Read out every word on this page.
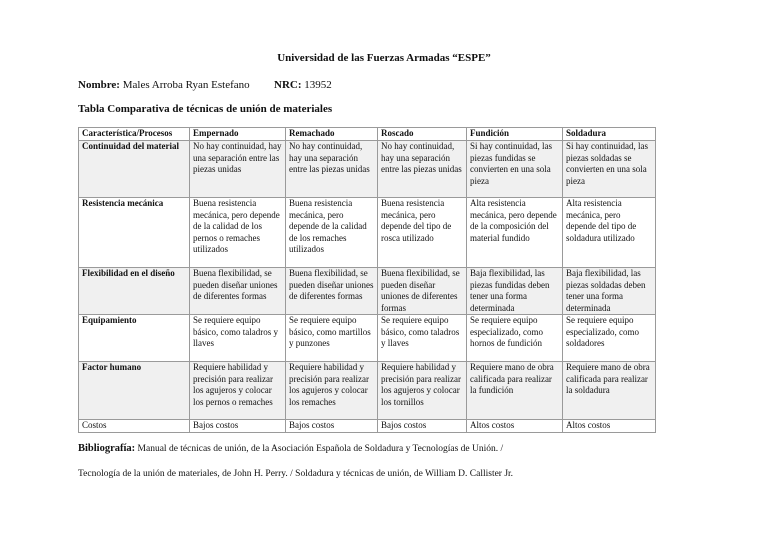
Universidad de las Fuerzas Armadas “ESPE”
Nombre: Males Arroba Ryan Estefano NRC: 13952
Tabla Comparativa de técnicas de unión de materiales
Característica/Procesos	Empernado	Remachado	Roscado	Fundición	Soldadura
Continuidad del material	No hay continuidad, hay una separación entre las piezas unidas	No hay continuidad, hay una separación entre las piezas unidas	No hay continuidad, hay una separación entre las piezas unidas	Si hay continuidad, las piezas fundidas se convierten en una sola pieza	Si hay continuidad, las piezas soldadas se convierten en una sola pieza
Resistencia mecánica	Buena resistencia mecánica, pero depende de la calidad de los pernos o remaches utilizados	Buena resistencia mecánica, pero depende de la calidad de los remaches utilizados	Buena resistencia mecánica, pero depende del tipo de rosca utilizado	Alta resistencia mecánica, pero depende de la composición del material fundido	Alta resistencia mecánica, pero depende del tipo de soldadura utilizado
Flexibilidad en el diseño	Buena flexibilidad, se pueden diseñar uniones de diferentes formas	Buena flexibilidad, se pueden diseñar uniones de diferentes formas	Buena flexibilidad, se pueden diseñar uniones de diferentes formas	Baja flexibilidad, las piezas fundidas deben tener una forma determinada	Baja flexibilidad, las piezas soldadas deben tener una forma determinada
Equipamiento	Se requiere equipo básico, como taladros y llaves	Se requiere equipo básico, como martillos y punzones	Se requiere equipo básico, como taladros y llaves	Se requiere equipo especializado, como hornos de fundición	Se requiere equipo especializado, como soldadores
Factor humano	Requiere habilidad y precisión para realizar los agujeros y colocar los pernos o remaches	Requiere habilidad y precisión para realizar los agujeros y colocar los remaches	Requiere habilidad y precisión para realizar los agujeros y colocar los tornillos	Requiere mano de obra calificada para realizar la fundición	Requiere mano de obra calificada para realizar la soldadura
Costos	Bajos costos	Bajos costos	Bajos costos	Altos costos	Altos costos
Bibliografía: Manual de técnicas de unión, de la Asociación Española de Soldadura y Tecnologías de Unión. /
Tecnología de la unión de materiales, de John H. Perry. / Soldadura y técnicas de unión, de William D. Callister Jr.
